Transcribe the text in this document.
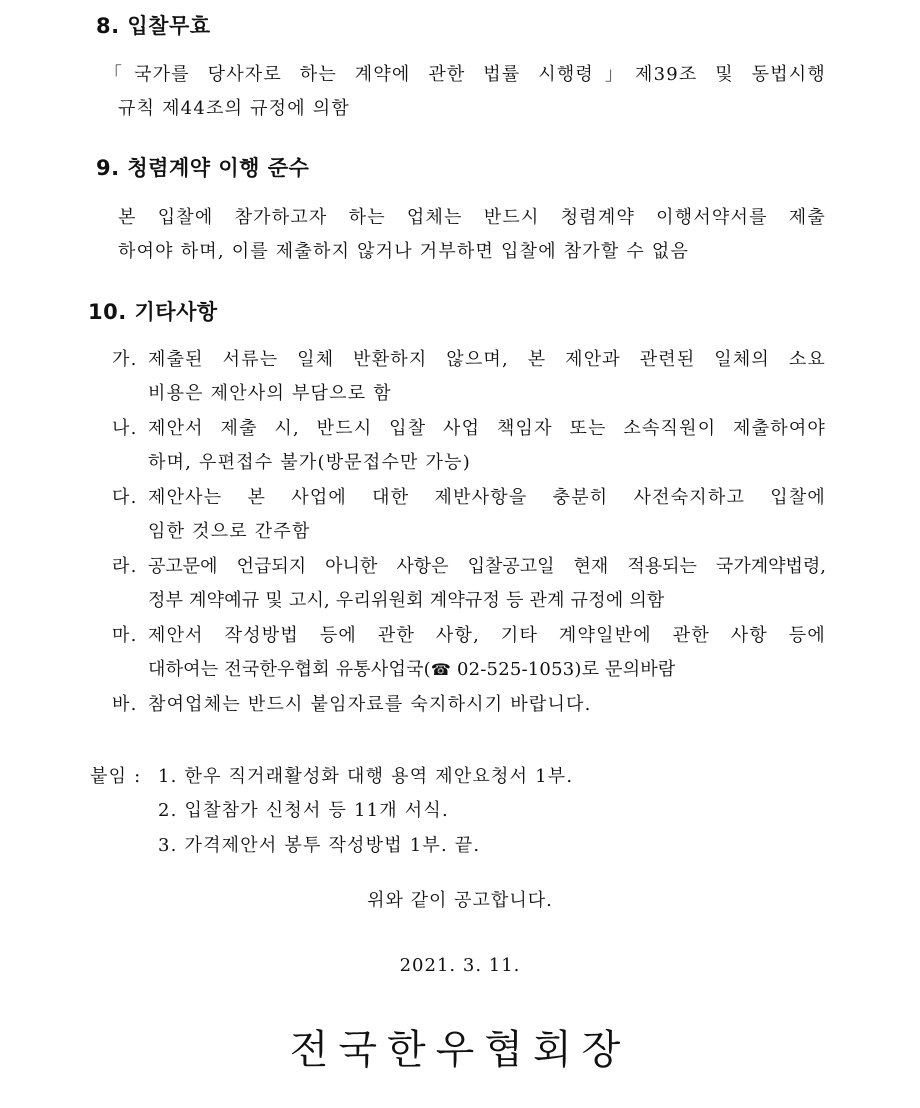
8. 입찰무효
「국가를 당사자로 하는 계약에 관한 법률 시행령」제39조 및 동법시행
규칙 제44조의 규정에 의함
9. 청렴계약 이행 준수
본 입찰에 참가하고자 하는 업체는 반드시 청렴계약 이행서약서를 제출
하여야 하며, 이를 제출하지 않거나 거부하면 입찰에 참가할 수 없음
10. 기타사항
가. 제출된 서류는 일체 반환하지 않으며, 본 제안과 관련된 일체의 소요
비용은 제안사의 부담으로 함
나. 제안서 제출 시, 반드시 입찰 사업 책임자 또는 소속직원이 제출하여야
하며, 우편접수 불가(방문접수만 가능)
다. 제안사는 본 사업에 대한 제반사항을 충분히 사전숙지하고 입찰에
임한 것으로 간주함
라. 공고문에 언급되지 아니한 사항은 입찰공고일 현재 적용되는 국가계약법령,
정부 계약예규 및 고시, 우리위원회 계약규정 등 관계 규정에 의함
마. 제안서 작성방법 등에 관한 사항, 기타 계약일반에 관한 사항 등에
대하여는 전국한우협회 유통사업국(☎ 02-525-1053)로 문의바람
바. 참여업체는 반드시 붙임자료를 숙지하시기 바랍니다.
붙임 : 1. 한우 직거래활성화 대행 용역 제안요청서 1부.
2. 입찰참가 신청서 등 11개 서식.
3. 가격제안서 봉투 작성방법 1부. 끝.
위와 같이 공고합니다.
2021. 3. 11.
전국한우협회장
